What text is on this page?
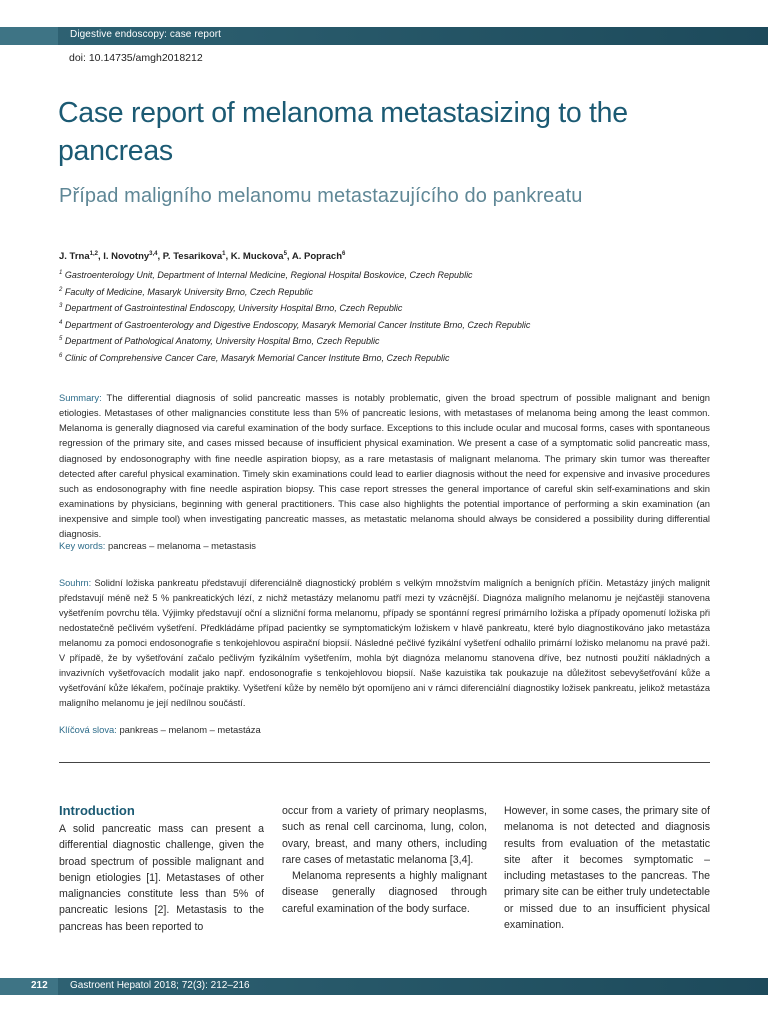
Digestive endoscopy: case report
doi: 10.14735/amgh2018212
Case report of melanoma metastasizing to the pancreas
Případ maligního melanomu metastazujícího do pankreatu
J. Trna$^{1,2}$, I. Novotny$^{3,4}$, P. Tesarikova$^1$, K. Muckova$^5$, A. Poprach$^6$
$^1$ Gastroenterology Unit, Department of Internal Medicine, Regional Hospital Boskovice, Czech Republic
$^2$ Faculty of Medicine, Masaryk University Brno, Czech Republic
$^3$ Department of Gastrointestinal Endoscopy, University Hospital Brno, Czech Republic
$^4$ Department of Gastroenterology and Digestive Endoscopy, Masaryk Memorial Cancer Institute Brno, Czech Republic
$^5$ Department of Pathological Anatomy, University Hospital Brno, Czech Republic
$^6$ Clinic of Comprehensive Cancer Care, Masaryk Memorial Cancer Institute Brno, Czech Republic
Summary: The differential diagnosis of solid pancreatic masses is notably problematic, given the broad spectrum of possible malignant and benign etiologies. Metastases of other malignancies constitute less than 5% of pancreatic lesions, with metastases of melanoma being among the least common. Melanoma is generally diagnosed via careful examination of the body surface. Exceptions to this include ocular and mucosal forms, cases with spontaneous regression of the primary site, and cases missed because of insufficient physical examination. We present a case of a symptomatic solid pancreatic mass, diagnosed by endosonography with fine needle aspiration biopsy, as a rare metastasis of malignant melanoma. The primary skin tumor was thereafter detected after careful physical examination. Timely skin examinations could lead to earlier diagnosis without the need for expensive and invasive procedures such as endosonography with fine needle aspiration biopsy. This case report stresses the general importance of careful skin self-examinations and skin examinations by physicians, beginning with general practitioners. This case also highlights the potential importance of performing a skin examination (an inexpensive and simple tool) when investigating pancreatic masses, as metastatic melanoma should always be considered a possibility during differential diagnosis.
Key words: pancreas – melanoma – metastasis
Souhrn: Solidní ložiska pankreatu představují diferenciálně diagnostický problém s velkým množstvím maligních a benigních příčin. Metastázy jiných malignit představují méně než 5 % pankreatických lézí, z nichž metastázy melanomu patří mezi ty vzácnější. Diagnóza maligního melanomu je nejčastěji stanovena vyšetřením povrchu těla. Výjimky představují oční a slizniční forma melanomu, případy se spontánní regresí primárního ložiska a případy opomenutí ložiska při nedostatečně pečlivém vyšetření. Předkládáme případ pacientky se symptomatickým ložiskem v hlavě pankreatu, které bylo diagnostikováno jako metastáza melanomu za pomoci endosonografie s tenkojehlovou aspirační biopsií. Následné pečlivé fyzikální vyšetření odhalilo primární ložisko melanomu na pravé paži. V případě, že by vyšetřování začalo pečlivým fyzikálním vyšetřením, mohla být diagnóza melanomu stanovena dříve, bez nutnosti použití nákladných a invazivních vyšetřovacích modalit jako např. endosonografie s tenkojehlovou biopsií. Naše kazuistika tak poukazuje na důležitost sebevyšetřování kůže a vyšetřování kůže lékařem, počínaje praktiky. Vyšetření kůže by nemělo být opomíjeno ani v rámci diferenciální diagnostiky ložisek pankreatu, jelikož metastáza maligního melanomu je její nedílnou součástí.
Klíčová slova: pankreas – melanom – metastáza
Introduction

A solid pancreatic mass can present a differential diagnostic challenge, given the broad spectrum of possible malignant and benign etiologies [1]. Metastases of other malignancies constitute less than 5% of pancreatic lesions [2]. Metastasis to the pancreas has been reported to

occur from a variety of primary neoplasms, such as renal cell carcinoma, lung, colon, ovary, breast, and many others, including rare cases of metastatic melanoma [3,4].

Melanoma represents a highly malignant disease generally diagnosed through careful examination of the body surface.

However, in some cases, the primary site of melanoma is not detected and diagnosis results from evaluation of the metastatic site after it becomes symptomatic – including metastases to the pancreas. The primary site can be either truly undetectable or missed due to an insufficient physical examination.

212 Gastroent Hepatol 2018; 72(3): 212–216
